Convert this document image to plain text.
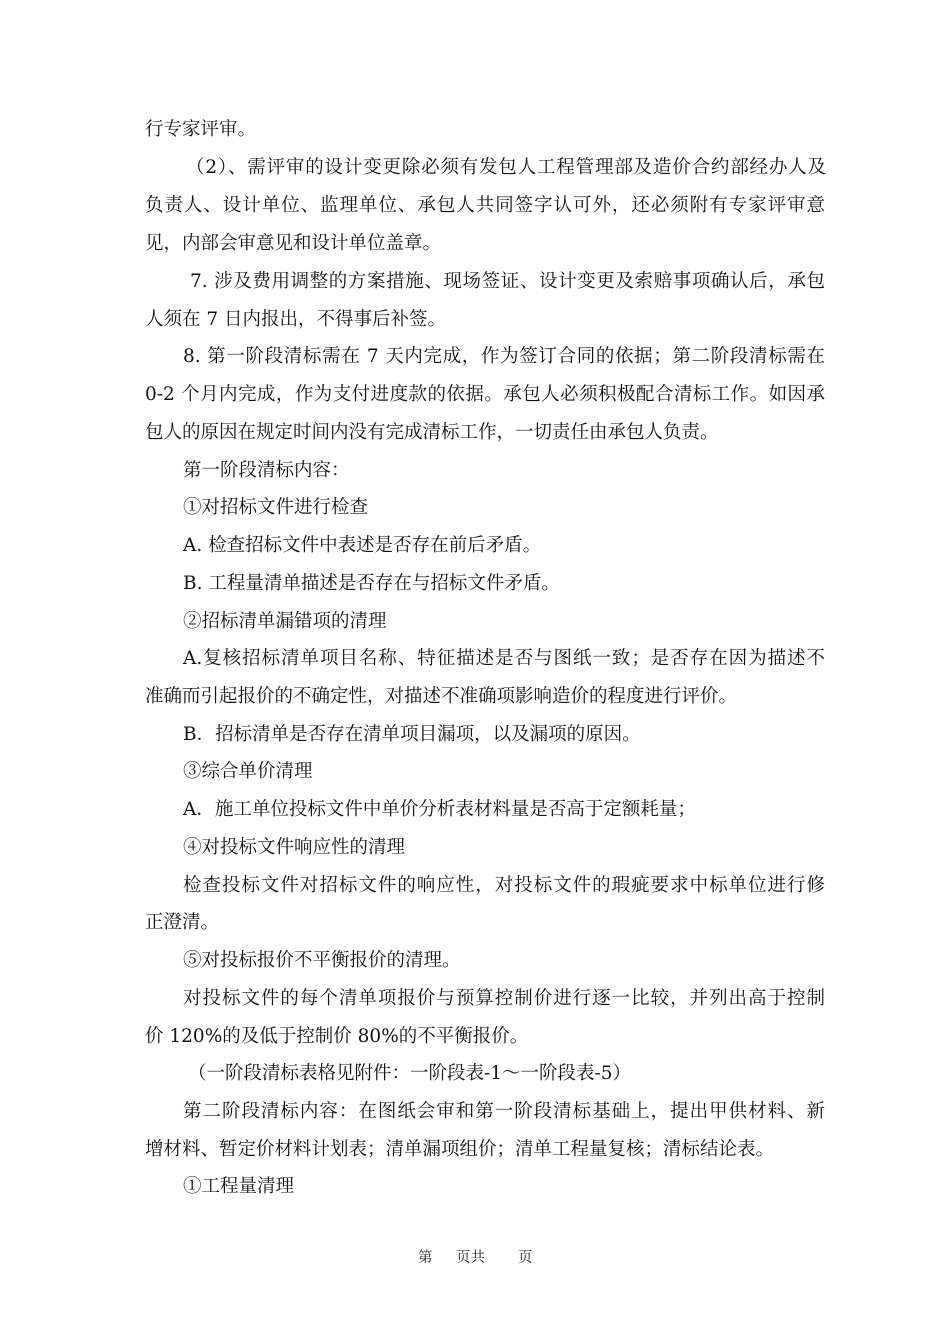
行专家评审。
（2）、需评审的设计变更除必须有发包人工程管理部及造价合约部经办人及
负责人、设计单位、监理单位、承包人共同签字认可外，还必须附有专家评审意
见，内部会审意见和设计单位盖章。
7. 涉及费用调整的方案措施、现场签证、设计变更及索赔事项确认后，承包
人须在 7 日内报出，不得事后补签。
8. 第一阶段清标需在 7 天内完成，作为签订合同的依据；第二阶段清标需在
0-2 个月内完成，作为支付进度款的依据。承包人必须积极配合清标工作。如因承
包人的原因在规定时间内没有完成清标工作，一切责任由承包人负责。
第一阶段清标内容：
①对招标文件进行检查
A. 检查招标文件中表述是否存在前后矛盾。
B. 工程量清单描述是否存在与招标文件矛盾。
②招标清单漏错项的清理
A.复核招标清单项目名称、特征描述是否与图纸一致；是否存在因为描述不
准确而引起报价的不确定性，对描述不准确项影响造价的程度进行评价。
B．招标清单是否存在清单项目漏项，以及漏项的原因。
③综合单价清理
A．施工单位投标文件中单价分析表材料量是否高于定额耗量；
④对投标文件响应性的清理
检查投标文件对招标文件的响应性，对投标文件的瑕疵要求中标单位进行修
正澄清。
⑤对投标报价不平衡报价的清理。
对投标文件的每个清单项报价与预算控制价进行逐一比较，并列出高于控制
价 120%的及低于控制价 80%的不平衡报价。
（一阶段清标表格见附件：一阶段表-1～一阶段表-5）
第二阶段清标内容：在图纸会审和第一阶段清标基础上，提出甲供材料、新
增材料、暂定价材料计划表；清单漏项组价；清单工程量复核；清标结论表。
①工程量清理
第 页共 页
